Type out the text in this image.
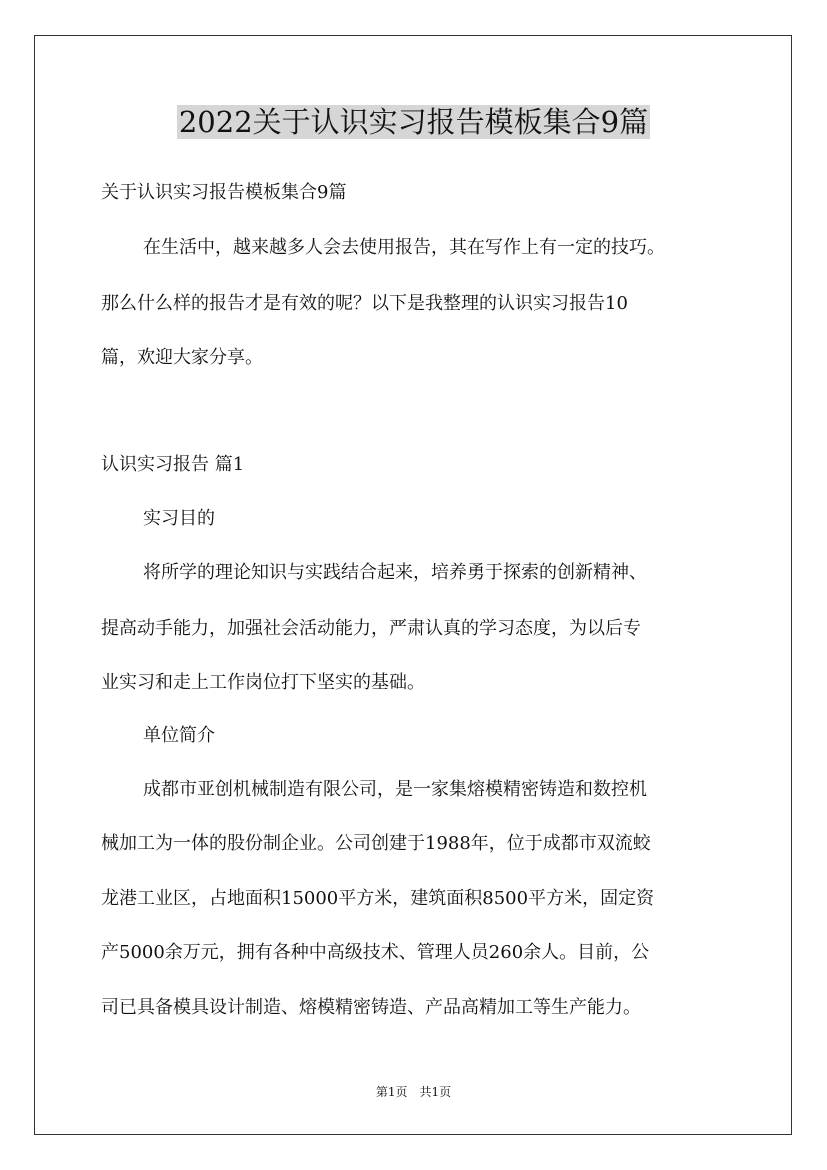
2022关于认识实习报告模板集合9篇
关于认识实习报告模板集合9篇
在生活中，越来越多人会去使用报告，其在写作上有一定的技巧。
那么什么样的报告才是有效的呢？以下是我整理的认识实习报告10
篇，欢迎大家分享。
认识实习报告 篇1
实习目的
将所学的理论知识与实践结合起来，培养勇于探索的创新精神、
提高动手能力，加强社会活动能力，严肃认真的学习态度，为以后专
业实习和走上工作岗位打下坚实的基础。
单位简介
成都市亚创机械制造有限公司，是一家集熔模精密铸造和数控机
械加工为一体的股份制企业。公司创建于1988年，位于成都市双流蛟
龙港工业区，占地面积15000平方米，建筑面积8500平方米，固定资
产5000余万元，拥有各种中高级技术、管理人员260余人。目前，公
司已具备模具设计制造、熔模精密铸造、产品高精加工等生产能力。
第1页　共1页
